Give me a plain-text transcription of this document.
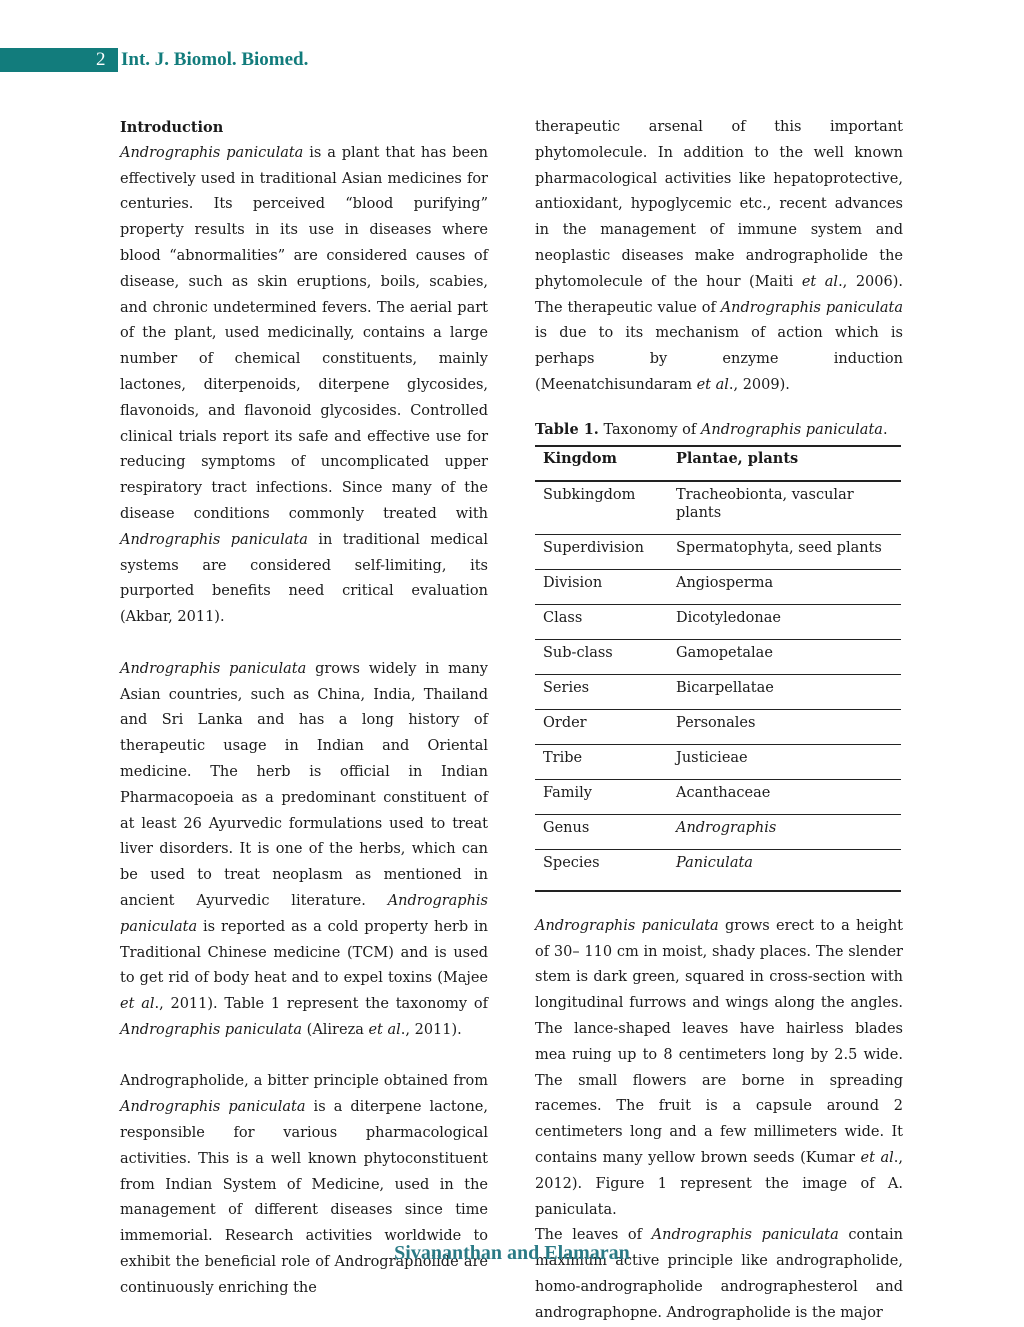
2 Int. J. Biomol. Biomed.

Introduction

Andrographis paniculata is a plant that has been effectively used in traditional Asian medicines for centuries. Its perceived “blood purifying” property results in its use in diseases where blood “abnormalities” are considered causes of disease, such as skin eruptions, boils, scabies, and chronic undetermined fevers. The aerial part of the plant, used medicinally, contains a large number of chemical constituents, mainly lactones, diterpenoids, diterpene glycosides, flavonoids, and flavonoid glycosides. Controlled clinical trials report its safe and effective use for reducing symptoms of uncomplicated upper respiratory tract infections. Since many of the disease conditions commonly treated with Andrographis paniculata in traditional medical systems are considered self-limiting, its purported benefits need critical evaluation (Akbar, 2011).

Andrographis paniculata grows widely in many Asian countries, such as China, India, Thailand and Sri Lanka and has a long history of therapeutic usage in Indian and Oriental medicine. The herb is official in Indian Pharmacopoeia as a predominant constituent of at least 26 Ayurvedic formulations used to treat liver disorders. It is one of the herbs, which can be used to treat neoplasm as mentioned in ancient Ayurvedic literature. Andrographis paniculata is reported as a cold property herb in Traditional Chinese medicine (TCM) and is used to get rid of body heat and to expel toxins (Majee et al., 2011). Table 1 represent the taxonomy of Andrographis paniculata (Alireza et al., 2011).

Andrographolide, a bitter principle obtained from Andrographis paniculata is a diterpene lactone, responsible for various pharmacological activities. This is a well known phytoconstituent from Indian System of Medicine, used in the management of different diseases since time immemorial. Research activities worldwide to exhibit the beneficial role of Andrographolide are continuously enriching the

therapeutic arsenal of this important phytomolecule. In addition to the well known pharmacological activities like hepatoprotective, antioxidant, hypoglycemic etc., recent advances in the management of immune system and neoplastic diseases make andrographolide the phytomolecule of the hour (Maiti et al., 2006). The therapeutic value of Andrographis paniculata is due to its mechanism of action which is perhaps by enzyme induction (Meenatchisundaram et al., 2009).

Table 1. Taxonomy of Andrographis paniculata.
Kingdom	Plantae, plants
Subkingdom	Tracheobionta, vascular plants
Superdivision	Spermatophyta, seed plants
Division	Angiosperma
Class	Dicotyledonae
Sub-class	Gamopetalae
Series	Bicarpellatae
Order	Personales
Tribe	Justicieae
Family	Acanthaceae
Genus	Andrographis
Species	Paniculata

Andrographis paniculata grows erect to a height of 30– 110 cm in moist, shady places. The slender stem is dark green, squared in cross-section with longitudinal furrows and wings along the angles. The lance-shaped leaves have hairless blades mea ruing up to 8 centimeters long by 2.5 wide. The small flowers are borne in spreading racemes. The fruit is a capsule around 2 centimeters long and a few millimeters wide. It contains many yellow brown seeds (Kumar et al., 2012). Figure 1 represent the image of A. paniculata.

The leaves of Andrographis paniculata contain maximum active principle like andrographolide, homo-andrographolide andrographesterol and andrographopne. Andrographolide is the major

Sivananthan and Elamaran
